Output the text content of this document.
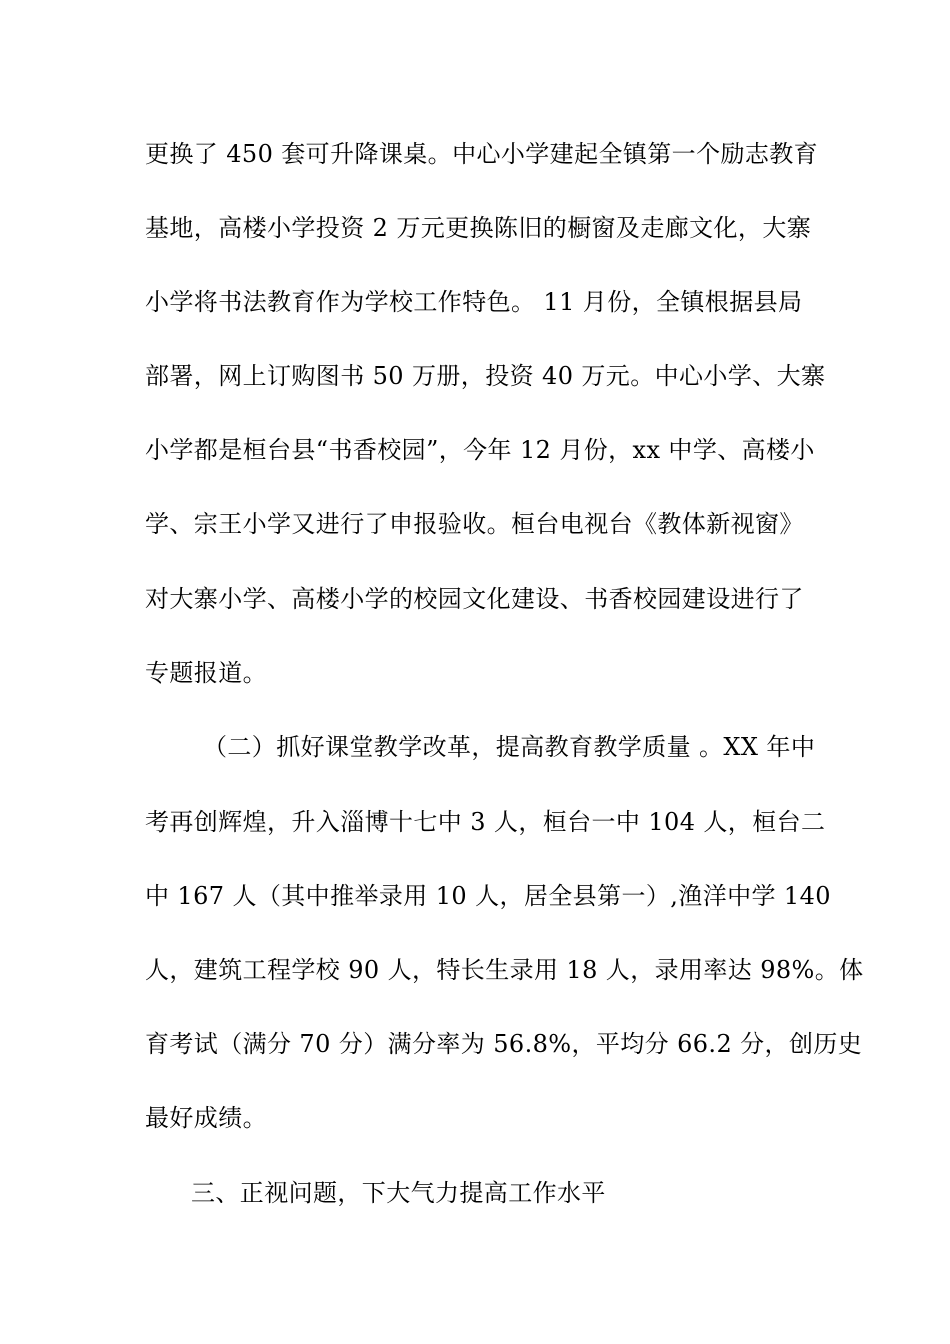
更换了 450 套可升降课桌。中心小学建起全镇第一个励志教育
基地，高楼小学投资 2 万元更换陈旧的橱窗及走廊文化，大寨
小学将书法教育作为学校工作特色。 11 月份，全镇根据县局
部署，网上订购图书 50 万册，投资 40 万元。中心小学、大寨
小学都是桓台县“书香校园”，今年 12 月份，xx 中学、高楼小
学、宗王小学又进行了申报验收。桓台电视台《教体新视窗》
对大寨小学、高楼小学的校园文化建设、书香校园建设进行了
专题报道。
（二）抓好课堂教学改革，提高教育教学质量 。XX 年中
考再创辉煌，升入淄博十七中 3 人，桓台一中 104 人，桓台二
中 167 人（其中推举录用 10 人，居全县第一）,渔洋中学 140
人，建筑工程学校 90 人，特长生录用 18 人，录用率达 98%。体
育考试（满分 70 分）满分率为 56.8%，平均分 66.2 分，创历史
最好成绩。
三、正视问题，下大气力提高工作水平
